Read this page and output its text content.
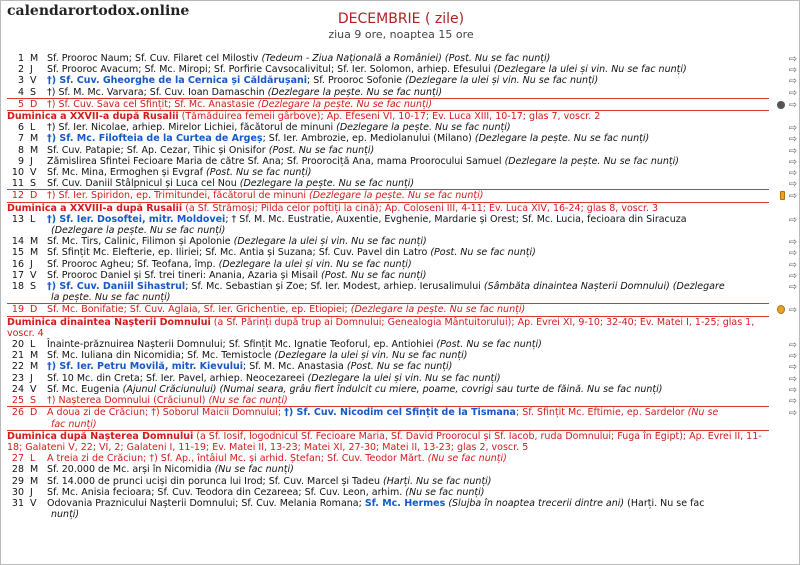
calendarortodox.online	DECEMBRIE ( zile)
ziua 9 ore, noaptea 15 ore
1 M Sf. Proorоc Naum; Sf. Cuv. Filaret cel Milostiv (Tedeum - Ziua Națională a României) (Post. Nu se fac nunți)	⇨
2 J Sf. Prooroc Avacum; Sf. Mc. Miropi; Sf. Porfirie Cavsocalivitul; Sf. Ier. Solomon, arhiep. Efesului (Dezlegare la ulei și vin. Nu se fac nunți)	⇨
3 V †) Sf. Cuv. Gheorghe de la Cernica și Căldărușani; Sf. Prooroc Sofonie (Dezlegare la ulei și vin. Nu se fac nunți)	⇨
4 S †) Sf. M. Mc. Varvara; Sf. Cuv. Ioan Damaschin (Dezlegare la pește. Nu se fac nunți)	⇨
5 D †) Sf. Cuv. Sava cel Sfințit; Sf. Mc. Anastasie (Dezlegare la pește. Nu se fac nunți)	⇨
Duminica a XXVII-a după Rusalii (Tămăduirea femeii gârbove); Ap. Efeseni VI, 10-17; Ev. Luca XIII, 10-17; glas 7, voscr. 2
6 L †) Sf. Ier. Nicolae, arhiep. Mirelor Lichiei, făcătorul de minuni (Dezlegare la pește. Nu se fac nunți)	⇨
7 M †) Sf. Mc. Filofteia de la Curtea de Argeș; Sf. Ier. Ambrozie, ep. Mediolanului (Milano) (Dezlegare la pește. Nu se fac nunți)	⇨
8 M Sf. Cuv. Patapie; Sf. Ap. Cezar, Tihic și Onisifor (Post. Nu se fac nunți)	⇨
9 J Zămislirea Sfintei Fecioare Maria de către Sf. Ana; Sf. Proorociță Ana, mama Proorocului Samuel (Dezlegare la pește. Nu se fac nunți)	⇨
10 V Sf. Mc. Mina, Ermoghen și Evgraf (Post. Nu se fac nunți)	⇨
11 S Sf. Cuv. Daniil Stâlpnicul și Luca cel Nou (Dezlegare la pește. Nu se fac nunți)	⇨
12 D †) Sf. Ier. Spiridon, ep. Trimitundei, făcătorul de minuni (Dezlegare la pește. Nu se fac nunți)	⇨
Duminica a XXVIII-a după Rusalii (a Sf. Strămoși; Pilda celor poftiți la cină); Ap. Coloseni III, 4-11; Ev. Luca XIV, 16-24; glas 8, voscr. 3
13 L †) Sf. Ier. Dosoftei, mitr. Moldovei; † Sf. M. Mc. Eustratie, Auxentie, Evghenie, Mardarie și Orest; Sf. Mc. Lucia, fecioara din Siracuza
(Dezlegare la pește. Nu se fac nunți)
⇨
14 M Sf. Mc. Tirs, Calinic, Filimon și Apolonie (Dezlegare la ulei și vin. Nu se fac nunți)	⇨
15 M Sf. Sfințit Mc. Elefterie, ep. Iliriei; Sf. Mc. Antia și Suzana; Sf. Cuv. Pavel din Latro (Post. Nu se fac nunți)	⇨
16 J Sf. Prooroc Agheu; Sf. Teofana, împ. (Dezlegare la ulei și vin. Nu se fac nunți)	⇨
17 V Sf. Prooroc Daniel și Sf. trei tineri: Anania, Azaria și Misail (Post. Nu se fac nunți)	⇨
18 S †) Sf. Cuv. Daniil Sihastrul; Sf. Mc. Sebastian și Zoe; Sf. Ier. Modest, arhiep. Ierusalimului (Sâmbăta dinaintea Nașterii Domnului) (Dezlegare
la pește. Nu se fac nunți)
⇨
19 D Sf. Mc. Bonifatie; Sf. Cuv. Aglaia, Sf. Ier. Grichentie, ep. Etiopiei; (Dezlegare la pește. Nu se fac nunți)	⇨
Duminica dinaintea Nașterii Domnului (a Sf. Părinți după trup ai Domnului; Genealogia Mântuitorului); Ap. Evrei XI, 9-10; 32-40; Ev. Matei I, 1-25; glas 1, voscr. 4
20 L Înainte-prăznuirea Nașterii Domnului; Sf. Sfințit Mc. Ignatie Teoforul, ep. Antiohiei (Post. Nu se fac nunți)	⇨
21 M Sf. Mc. Iuliana din Nicomidia; Sf. Mc. Temistocle (Dezlegare la ulei și vin. Nu se fac nunți)	⇨
22 M †) Sf. Ier. Petru Movilă, mitr. Kievului; Sf. M. Mc. Anastasia (Post. Nu se fac nunți)	⇨
23 J Sf. 10 Mc. din Creta; Sf. Ier. Pavel, arhiep. Neocezareei (Dezlegare la ulei și vin. Nu se fac nunți)	⇨
24 V Sf. Mc. Eugenia (Ajunul Crăciunului) (Numai seara, grâu fiert îndulcit cu miere, poame, covrigi sau turte de făină. Nu se fac nunți)	⇨
25 S †) Nașterea Domnului (Crăciunul) (Nu se fac nunți)	⇨
26 D A doua zi de Crăciun; †) Soborul Maicii Domnului; †) Sf. Cuv. Nicodim cel Sfințit de la Tismana; Sf. Sfințit Mc. Eftimie, ep. Sardelor (Nu se
fac nunți)
⇨
Duminica după Nașterea Domnului (a Sf. Iosif, logodnicul Sf. Fecioare Maria, Sf. David Proorocul și Sf. Iacob, ruda Domnului; Fuga în Egipt); Ap. Evrei II, 11-18; Galateni V, 22; VI, 2; Galateni I, 11-19; Ev. Matei II, 13-23; Matei XI, 27-30; Matei II, 13-23; glas 2, voscr. 5
27 L A treia zi de Crăciun; †) Sf. Ap., întâiul Mc. și arhid. Ștefan; Sf. Cuv. Teodor Mărt. (Nu se fac nunți)
28 M Sf. 20.000 de Mc. arși în Nicomidia (Nu se fac nunți)
29 M Sf. 14.000 de prunci uciși din porunca lui Irod; Sf. Cuv. Marcel și Tadeu (Harți. Nu se fac nunți)
30 J Sf. Mc. Anisia fecioara; Sf. Cuv. Teodora din Cezareea; Sf. Cuv. Leon, arhim. (Nu se fac nunți)
31 V Odovania Praznicului Nașterii Domnului; Sf. Cuv. Melania Romana; Sf. Mc. Hermes (Slujba în noaptea trecerii dintre ani) (Harți. Nu se fac
nunți)
